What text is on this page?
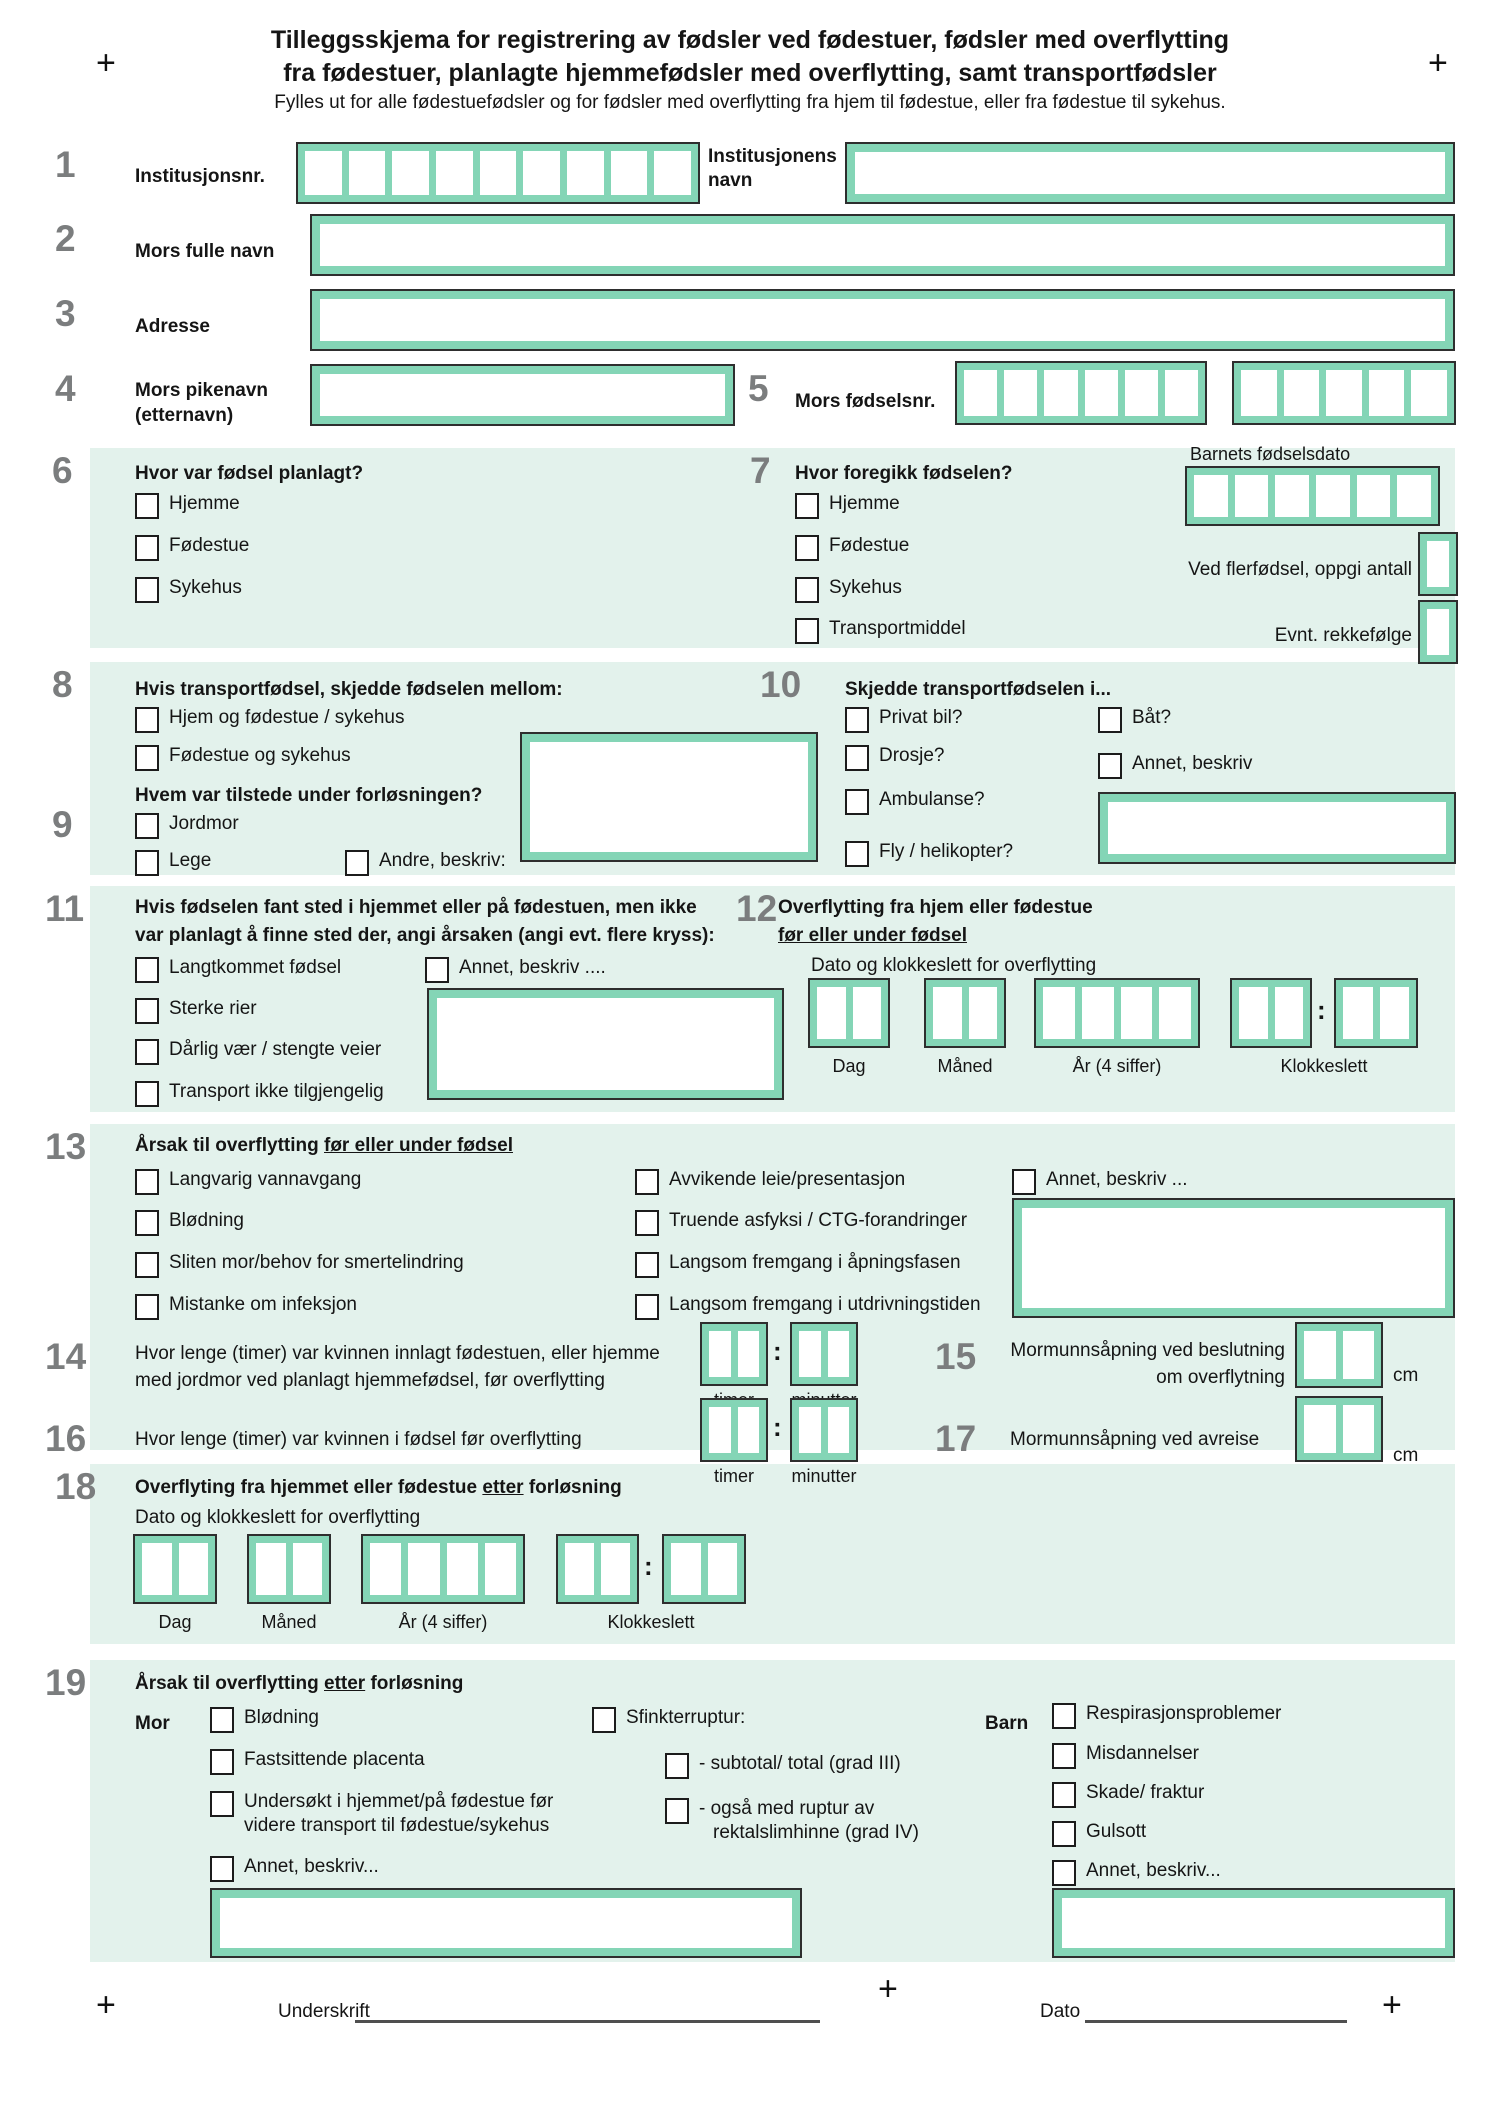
+	+
Tilleggsskjema for registrering av fødsler ved fødestuer, fødsler med overflytting
fra fødestuer, planlagte hjemmefødsler med overflytting, samt transportfødsler
Fylles ut for alle fødestuefødsler og for fødsler med overflytting fra hjem til fødestue, eller fra fødestue til sykehus.
1	Institusjonsnr.
Institusjonens
navn
2	Mors fulle navn
3	Adresse
4	Mors pikenavn
(etternavn)
5 Mors fødselsnr.
6	Hvor var fødsel planlagt?
Hjemme
Fødestue
Sykehus
7 Hvor foregikk fødselen?
Hjemme
Fødestue
Sykehus
Transportmiddel
Barnets fødselsdato
Ved flerfødsel, oppgi antall
Evnt. rekkefølge
8	Hvis transportfødsel, skjedde fødselen mellom:
Hjem og fødestue / sykehus
Fødestue og sykehus
Hvem var tilstede under forløsningen?
9	Jordmor
Lege	Andre, beskriv:
10 Skjedde transportfødselen i...
Privat bil?
Drosje?
Ambulanse?
Fly / helikopter?
Båt?
Annet, beskriv
11	Hvis fødselen fant sted i hjemmet eller på fødestuen, men ikke
var planlagt å finne sted der, angi årsaken (angi evt. flere kryss):
Langtkommet fødsel
Sterke rier
Dårlig vær / stengte veier
Transport ikke tilgjengelig
Annet, beskriv ....
12 Overflytting fra hjem eller fødestue
før eller under fødsel
Dato og klokkeslett for overflytting
:
Dag	Måned	År (4 siffer)	Klokkeslett
13	Årsak til overflytting før eller under fødsel
Langvarig vannavgang
Blødning
Sliten mor/behov for smertelindring
Mistanke om infeksjon
Avvikende leie/presentasjon
Truende asfyksi / CTG-forandringer
Langsom fremgang i åpningsfasen
Langsom fremgang i utdrivningstiden
Annet, beskriv ...
14	Hvor lenge (timer) var kvinnen innlagt fødestuen, eller hjemme
med jordmor ved planlagt hjemmefødsel, før overflytting
:	15 Mormunnsåpning ved beslutning
om overflytning	cm
16	Hvor lenge (timer) var kvinnen i fødsel før overflytting	:
timer	minutter
17 Mormunnsåpning ved avreise
cm
18 Overflyting fra hjemmet eller fødestue etter forløsning
Dato og klokkeslett for overflytting
:
Dag	Måned	År (4 siffer)	Klokkeslett
19	Årsak til overflytting etter forløsning
Mor	Blødning
Fastsittende placenta
Undersøkt i hjemmet/på fødestue før
videre transport til fødestue/sykehus
Annet, beskriv...
Sfinkterruptur:
- subtotal/ total (grad III)
- også med ruptur av
rektalslimhinne (grad IV)
Barn	Respirasjonsproblemer
Misdannelser
Skade/ fraktur
Gulsott
Annet, beskriv...
+	+	+
Underskrift	Dato
